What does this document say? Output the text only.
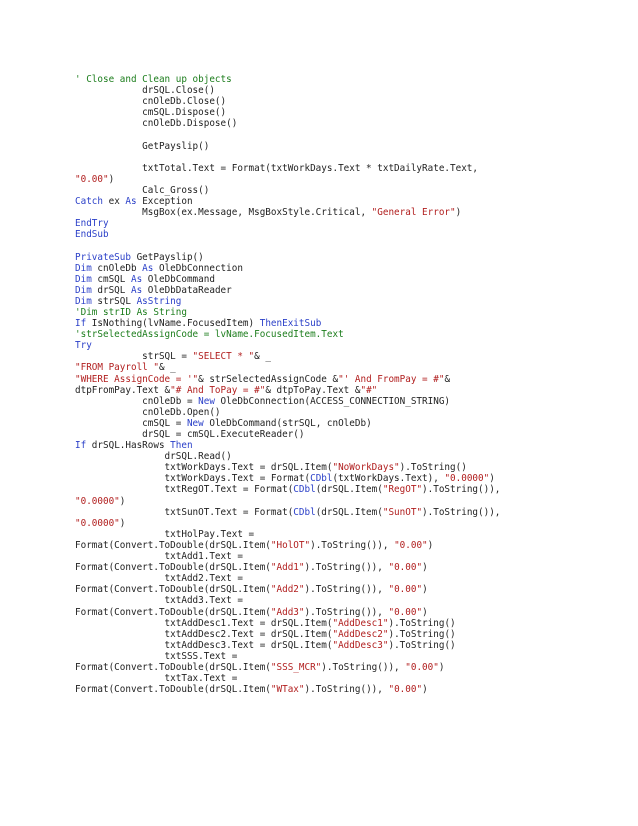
' Close and Clean up objects
drSQL.Close()
cnOleDb.Close()
cmSQL.Dispose()
cnOleDb.Dispose()
GetPayslip()
txtTotal.Text = Format(txtWorkDays.Text * txtDailyRate.Text,
"0.00")
Calc_Gross()
Catch ex As Exception
MsgBox(ex.Message, MsgBoxStyle.Critical, "General Error")
EndTry
EndSub
PrivateSub GetPayslip()
Dim cnOleDb As OleDbConnection
Dim cmSQL As OleDbCommand
Dim drSQL As OleDbDataReader
Dim strSQL AsString
'Dim strID As String
If IsNothing(lvName.FocusedItem) ThenExitSub
'strSelectedAssignCode = lvName.FocusedItem.Text
Try
strSQL = "SELECT * "& _
"FROM Payroll "& _
"WHERE AssignCode = '"& strSelectedAssignCode &"' And FromPay = #"&
dtpFromPay.Text &"# And ToPay = #"& dtpToPay.Text &"#"
cnOleDb = New OleDbConnection(ACCESS_CONNECTION_STRING)
cnOleDb.Open()
cmSQL = New OleDbCommand(strSQL, cnOleDb)
drSQL = cmSQL.ExecuteReader()
If drSQL.HasRows Then
drSQL.Read()
txtWorkDays.Text = drSQL.Item("NoWorkDays").ToString()
txtWorkDays.Text = Format(CDbl(txtWorkDays.Text), "0.0000")
txtRegOT.Text = Format(CDbl(drSQL.Item("RegOT").ToString()),
"0.0000")
txtSunOT.Text = Format(CDbl(drSQL.Item("SunOT").ToString()),
"0.0000")
txtHolPay.Text =
Format(Convert.ToDouble(drSQL.Item("HolOT").ToString()), "0.00")
txtAdd1.Text =
Format(Convert.ToDouble(drSQL.Item("Add1").ToString()), "0.00")
txtAdd2.Text =
Format(Convert.ToDouble(drSQL.Item("Add2").ToString()), "0.00")
txtAdd3.Text =
Format(Convert.ToDouble(drSQL.Item("Add3").ToString()), "0.00")
txtAddDesc1.Text = drSQL.Item("AddDesc1").ToString()
txtAddDesc2.Text = drSQL.Item("AddDesc2").ToString()
txtAddDesc3.Text = drSQL.Item("AddDesc3").ToString()
txtSSS.Text =
Format(Convert.ToDouble(drSQL.Item("SSS_MCR").ToString()), "0.00")
txtTax.Text =
Format(Convert.ToDouble(drSQL.Item("WTax").ToString()), "0.00")
